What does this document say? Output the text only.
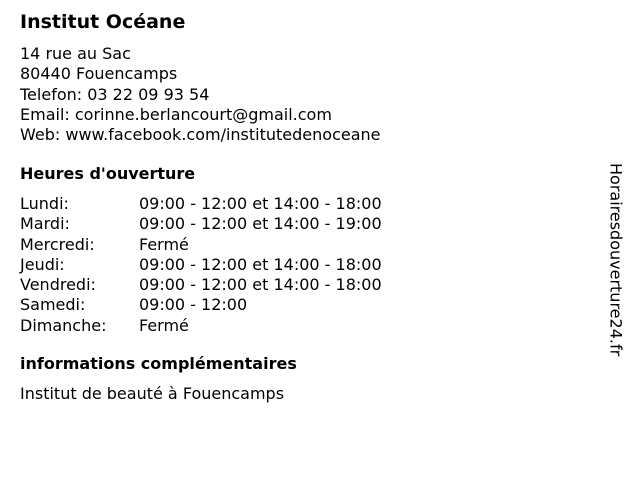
Institut Océane
14 rue au Sac
80440 Fouencamps
Telefon: 03 22 09 93 54
Email: corinne.berlancourt@gmail.com
Web: www.facebook.com/institutedenoceane
Heures d'ouverture
Lundi:	09:00 - 12:00 et 14:00 - 18:00
Mardi:	09:00 - 12:00 et 14:00 - 19:00
Mercredi:	Fermé
Jeudi:	09:00 - 12:00 et 14:00 - 18:00
Vendredi:	09:00 - 12:00 et 14:00 - 18:00
Samedi:	09:00 - 12:00
Dimanche: Fermé
informations complémentaires
Institut de beauté à Fouencamps
Horairesdouverture24.fr
